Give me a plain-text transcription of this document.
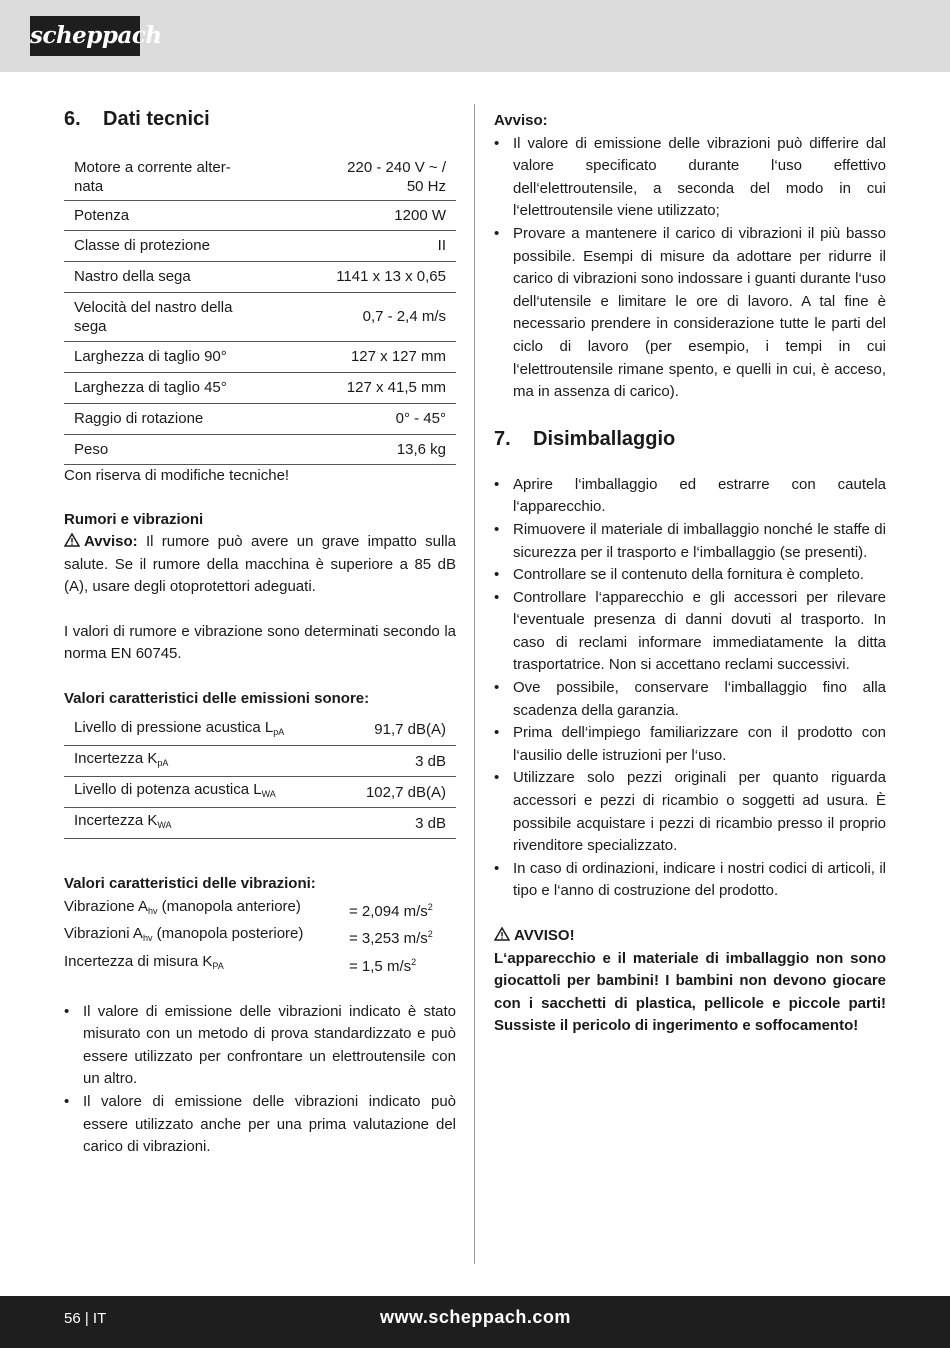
scheppach
6.	Dati tecnici
Motore a corrente alter-
nata	220 - 240 V ~ /
50 Hz
Potenza	1200 W
Classe di protezione	II
Nastro della sega	1141 x 13 x 0,65
Velocità del nastro della
sega	0,7 - 2,4 m/s
Larghezza di taglio 90°	127 x 127 mm
Larghezza di taglio 45°	127 x 41,5 mm
Raggio di rotazione	0° - 45°
Peso	13,6 kg
Con riserva di modifiche tecniche!
Rumori e vibrazioni
Avviso: Il rumore può avere un grave impatto sulla salute. Se il rumore della macchina è superiore a 85 dB (A), usare degli otoprotettori adeguati.
I valori di rumore e vibrazione sono determinati secondo la norma EN 60745.
Valori caratteristici delle emissioni sonore:
Livello di pressione acustica $L_{pA}$	91,7 dB(A)
Incertezza $K_{pA}$	3 dB
Livello di potenza acustica $L_{WA}$	102,7 dB(A)
Incertezza $K_{WA}$	3 dB
Valori caratteristici delle vibrazioni:
Vibrazione $A_{hv}$ (manopola anteriore)	= 2,094 $m/s^2$
Vibrazioni $A_{hv}$ (manopola posteriore)	= 3,253 $m/s^2$
Incertezza di misura $K_{PA}$	= 1,5 $m/s^2$
• Il valore di emissione delle vibrazioni indicato è stato misurato con un metodo di prova standardizzato e può essere utilizzato per confrontare un elettroutensile con un altro.
• Il valore di emissione delle vibrazioni indicato può essere utilizzato anche per una prima valutazione del carico di vibrazioni.
Avviso:
• Il valore di emissione delle vibrazioni può differire dal valore specificato durante l‘uso effettivo dell‘elettroutensile, a seconda del modo in cui l‘elettroutensile viene utilizzato;
• Provare a mantenere il carico di vibrazioni il più basso possibile. Esempi di misure da adottare per ridurre il carico di vibrazioni sono indossare i guanti durante l‘uso dell‘utensile e limitare le ore di lavoro. A tal fine è necessario prendere in considerazione tutte le parti del ciclo di lavoro (per esempio, i tempi in cui l‘elettroutensile rimane spento, e quelli in cui, è acceso, ma in assenza di carico).
7.	Disimballaggio
• Aprire l‘imballaggio ed estrarre con cautela l‘apparecchio.
• Rimuovere il materiale di imballaggio nonché le staffe di sicurezza per il trasporto e l‘imballaggio (se presenti).
• Controllare se il contenuto della fornitura è completo.
• Controllare l‘apparecchio e gli accessori per rilevare l‘eventuale presenza di danni dovuti al trasporto. In caso di reclami informare immediatamente la ditta trasportatrice. Non si accettano reclami successivi.
• Ove possibile, conservare l‘imballaggio fino alla scadenza della garanzia.
• Prima dell‘impiego familiarizzare con il prodotto con l‘ausilio delle istruzioni per l‘uso.
• Utilizzare solo pezzi originali per quanto riguarda accessori e pezzi di ricambio o soggetti ad usura. È possibile acquistare i pezzi di ricambio presso il proprio rivenditore specializzato.
• In caso di ordinazioni, indicare i nostri codici di articoli, il tipo e l‘anno di costruzione del prodotto.
AVVISO!
L‘apparecchio e il materiale di imballaggio non sono giocattoli per bambini! I bambini non devono giocare con i sacchetti di plastica, pellicole e piccole parti! Sussiste il pericolo di ingerimento e soffocamento!
56 | IT	www.scheppach.com
